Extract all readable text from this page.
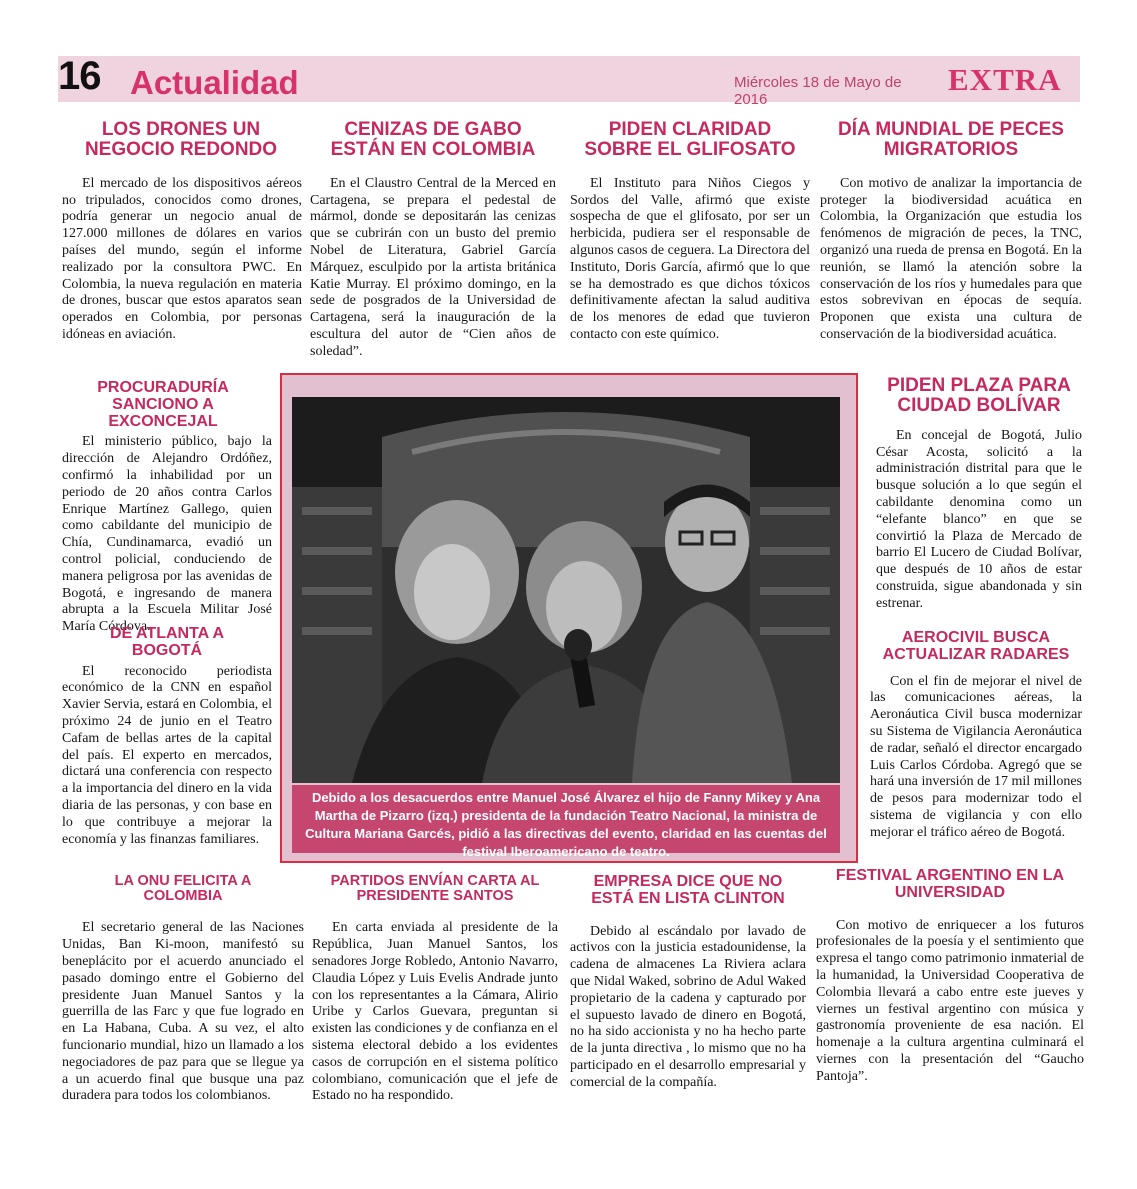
16 Actualidad	Miércoles 18 de Mayo de 2016
EXTRA
LOS DRONES UN NEGOCIO REDONDO

El mercado de los dispositivos aéreos no tripulados, conocidos como drones, podría generar un negocio anual de 127.000 millones de dólares en varios países del mundo, según el informe realizado por la consultora PWC. En Colombia, la nueva regulación en materia de drones, buscar que estos aparatos sean operados en Colombia, por personas idóneas en aviación.

CENIZAS DE GABO ESTÁN EN COLOMBIA

En el Claustro Central de la Merced en Cartagena, se prepara el pedestal de mármol, donde se depositarán las cenizas que se cubrirán con un busto del premio Nobel de Literatura, Gabriel García Márquez, esculpido por la artista británica Katie Murray. El próximo domingo, en la sede de posgrados de la Universidad de Cartagena, será la inauguración de la escultura del autor de “Cien años de soledad”.

PIDEN CLARIDAD SOBRE EL GLIFOSATO

El Instituto para Niños Ciegos y Sordos del Valle, afirmó que existe sospecha de que el glifosato, por ser un herbicida, pudiera ser el responsable de algunos casos de ceguera. La Directora del Instituto, Doris García, afirmó que lo que se ha demostrado es que dichos tóxicos definitivamente afectan la salud auditiva de los menores de edad que tuvieron contacto con este químico.

DÍA MUNDIAL DE PECES MIGRATORIOS

Con motivo de analizar la importancia de proteger la biodiversidad acuática en Colombia, la Organización que estudia los fenómenos de migración de peces, la TNC, organizó una rueda de prensa en Bogotá. En la reunión, se llamó la atención sobre la conservación de los ríos y humedales para que estos sobrevivan en épocas de sequía. Proponen que exista una cultura de conservación de la biodiversidad acuática.

PROCURADURÍA SANCIONO A EXCONCEJAL

El ministerio público, bajo la dirección de Alejandro Ordóñez, confirmó la inhabilidad por un periodo de 20 años contra Carlos Enrique Martínez Gallego, quien como cabildante del municipio de Chía, Cundinamarca, evadió un control policial, conduciendo de manera peligrosa por las avenidas de Bogotá, e ingresando de manera abrupta a la Escuela Militar José María Córdova.

DE ATLANTA A BOGOTÁ

El reconocido periodista económico de la CNN en español Xavier Servia, estará en Colombia, el próximo 24 de junio en el Teatro Cafam de bellas artes de la capital del país. El experto en mercados, dictará una conferencia con respecto a la importancia del dinero en la vida diaria de las personas, y con base en lo que contribuye a mejorar la economía y las finanzas familiares.

Debido a los desacuerdos entre Manuel José Álvarez el hijo de Fanny Mikey y Ana Martha de Pizarro (izq.) presidenta de la fundación Teatro Nacional, la ministra de Cultura Mariana Garcés, pidió a las directivas del evento, claridad en las cuentas del festival Iberoamericano de teatro.
PIDEN PLAZA PARA CIUDAD BOLÍVAR

En concejal de Bogotá, Julio César Acosta, solicitó a la administración distrital para que le busque solución a lo que según el cabildante denomina como un “elefante blanco” en que se convirtió la Plaza de Mercado de barrio El Lucero de Ciudad Bolívar, que después de 10 años de estar construida, sigue abandonada y sin estrenar.

AEROCIVIL BUSCA ACTUALIZAR RADARES

Con el fin de mejorar el nivel de las comunicaciones aéreas, la Aeronáutica Civil busca modernizar su Sistema de Vigilancia Aeronáutica de radar, señaló el director encargado Luis Carlos Córdoba. Agregó que se hará una inversión de 17 mil millones de pesos para modernizar todo el sistema de vigilancia y con ello mejorar el tráfico aéreo de Bogotá.

LA ONU FELICITA A COLOMBIA

El secretario general de las Naciones Unidas, Ban Ki-moon, manifestó su beneplácito por el acuerdo anunciado el pasado domingo entre el Gobierno del presidente Juan Manuel Santos y la guerrilla de las Farc y que fue logrado en en La Habana, Cuba. A su vez, el alto funcionario mundial, hizo un llamado a los negociadores de paz para que se llegue ya a un acuerdo final que busque una paz duradera para todos los colombianos.

PARTIDOS ENVÍAN CARTA AL PRESIDENTE SANTOS

En carta enviada al presidente de la República, Juan Manuel Santos, los senadores Jorge Robledo, Antonio Navarro, Claudia López y Luis Evelis Andrade junto con los representantes a la Cámara, Alirio Uribe y Carlos Guevara, preguntan si existen las condiciones y de confianza en el sistema electoral debido a los evidentes casos de corrupción en el sistema político colombiano, comunicación que el jefe de Estado no ha respondido.

EMPRESA DICE QUE NO ESTÁ EN LISTA CLINTON

Debido al escándalo por lavado de activos con la justicia estadounidense, la cadena de almacenes La Riviera aclara que Nidal Waked, sobrino de Adul Waked propietario de la cadena y capturado por el supuesto lavado de dinero en Bogotá, no ha sido accionista y no ha hecho parte de la junta directiva , lo mismo que no ha participado en el desarrollo empresarial y comercial de la compañía.

FESTIVAL ARGENTINO EN LA UNIVERSIDAD

Con motivo de enriquecer a los futuros profesionales de la poesía y el sentimiento que expresa el tango como patrimonio inmaterial de la humanidad, la Universidad Cooperativa de Colombia llevará a cabo entre este jueves y viernes un festival argentino con música y gastronomía proveniente de esa nación. El homenaje a la cultura argentina culminará el viernes con la presentación del “Gaucho Pantoja”.
